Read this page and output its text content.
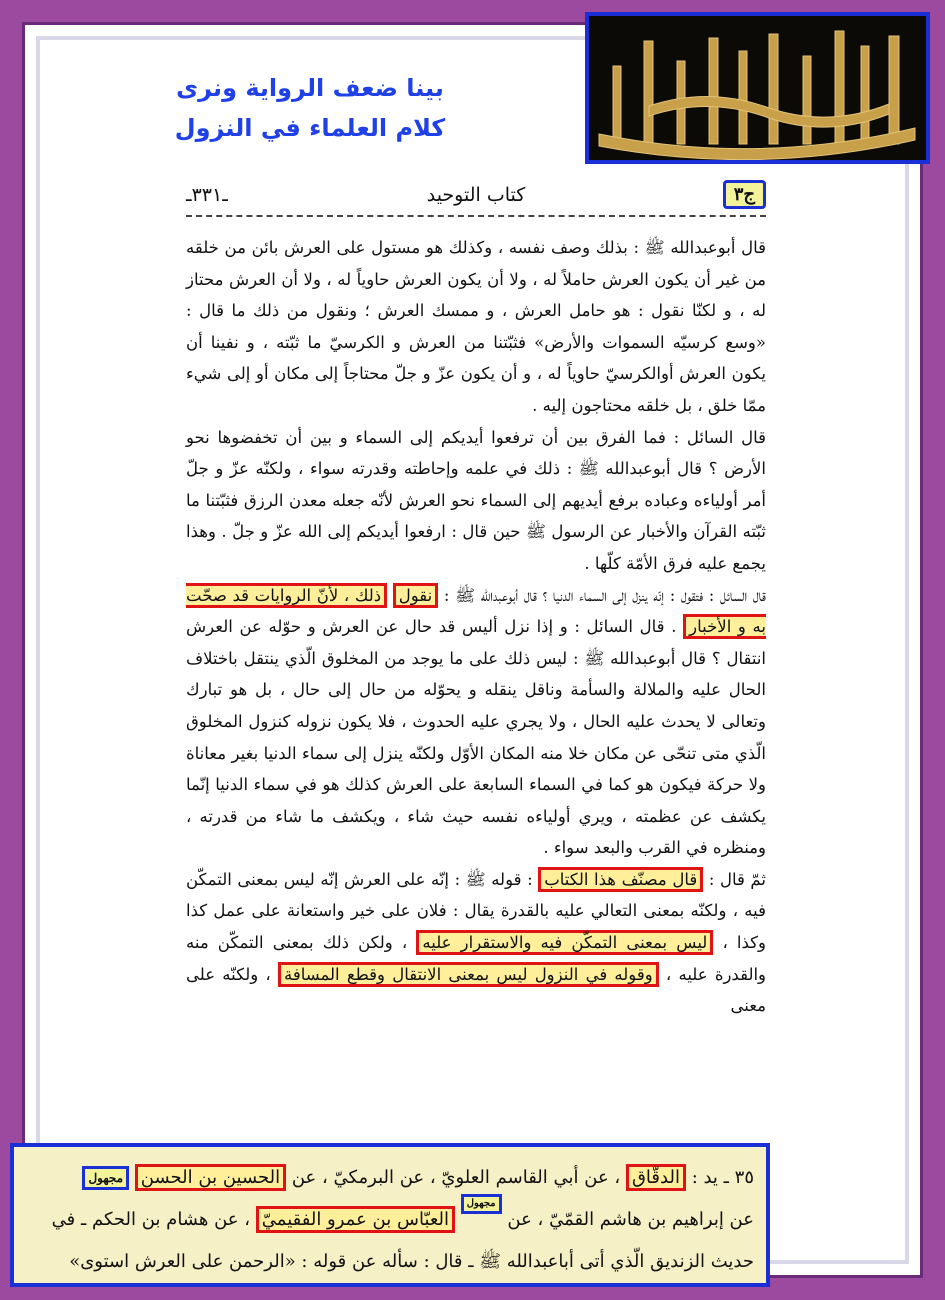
بينا ضعف الرواية ونرى
كلام العلماء في النزول
ج٣
كتاب التوحيد
ـ٣٣١ـ

قال أبوعبدالله ﷺ : بذلك وصف نفسه ، وكذلك هو مستول على العرش بائن من خلقه من غير أن يكون العرش حاملاً له ، ولا أن يكون العرش حاوياً له ، ولا أن العرش محتاز له ، و لكنّا نقول : هو حامل العرش ، و ممسك العرش ؛ ونقول من ذلك ما قال : «وسع كرسيّه السموات والأرض» فثبّتنا من العرش و الكرسيّ ما ثبّته ، و نفينا أن يكون العرش أوالكرسيّ حاوياً له ، و أن يكون عزّ و جلّ محتاجاً إلى مكان أو إلى شيء ممّا خلق ، بل خلقه محتاجون إليه .

قال السائل : فما الفرق بين أن ترفعوا أيديكم إلى السماء و بين أن تخفضوها نحو الأرض ؟ قال أبوعبدالله ﷺ : ذلك في علمه وإحاطته وقدرته سواء ، ولكنّه عزّ و جلّ أمر أولياءه وعباده برفع أيديهم إلى السماء نحو العرش لأنّه جعله معدن الرزق فثبّتنا ما ثبّته القرآن والأخبار عن الرسول ﷺ حين قال : ارفعوا أيديكم إلى الله عزّ و جلّ . وهذا يجمع عليه فرق الأمّة كلّها .

قال السائل : فتقول : إنّه ينزل إلى السماء الدنيا ؟ قال أبوعبدالله ﷺ : نقول ذلك ، لأنّ الروايات قد صحّت به و الأخبار . قال السائل : و إذا نزل أليس قد حال عن العرش و حوّله عن العرش انتقال ؟ قال أبوعبدالله ﷺ : ليس ذلك على ما يوجد من المخلوق الّذي ينتقل باختلاف الحال عليه والملالة والسأمة وناقل ينقله و يحوّله من حال إلى حال ، بل هو تبارك وتعالى لا يحدث عليه الحال ، ولا يجري عليه الحدوث ، فلا يكون نزوله كنزول المخلوق الّذي متى تنحّى عن مكان خلا منه المكان الأوّل ولكنّه ينزل إلى سماء الدنيا بغير معاناة ولا حركة فيكون هو كما في السماء السابعة على العرش كذلك هو في سماء الدنيا إنّما يكشف عن عظمته ، ويري أولياءه نفسه حيث شاء ، ويكشف ما شاء من قدرته ، ومنظره في القرب والبعد سواء .

ثمّ قال : قال مصنّف هذا الكتاب : قوله ﷺ : إنّه على العرش إنّه ليس بمعنى التمكّن فيه ، ولكنّه بمعنى التعالي عليه بالقدرة يقال : فلان على خير واستعانة على عمل كذا وكذا ، ليس بمعنى التمكّن فيه والاستقرار عليه ، ولكن ذلك بمعنى التمكّن منه والقدرة عليه ، وقوله في النزول ليس بمعنى الانتقال وقطع المسافة ، ولكنّه على معنى

٣٥ ـ يد : الدقّاق ، عن أبي القاسم العلويّ ، عن البرمكيّ ، عن الحسين بن الحسن مجهول

عن إبراهيم بن هاشم القمّيّ ، عن مجهول العبّاس بن عمرو الفقيميّ ، عن هشام بن الحكم ـ في حديث الزنديق الّذي أتى أباعبدالله ﷺ ـ قال : سأله عن قوله : «الرحمن على العرش استوى»
